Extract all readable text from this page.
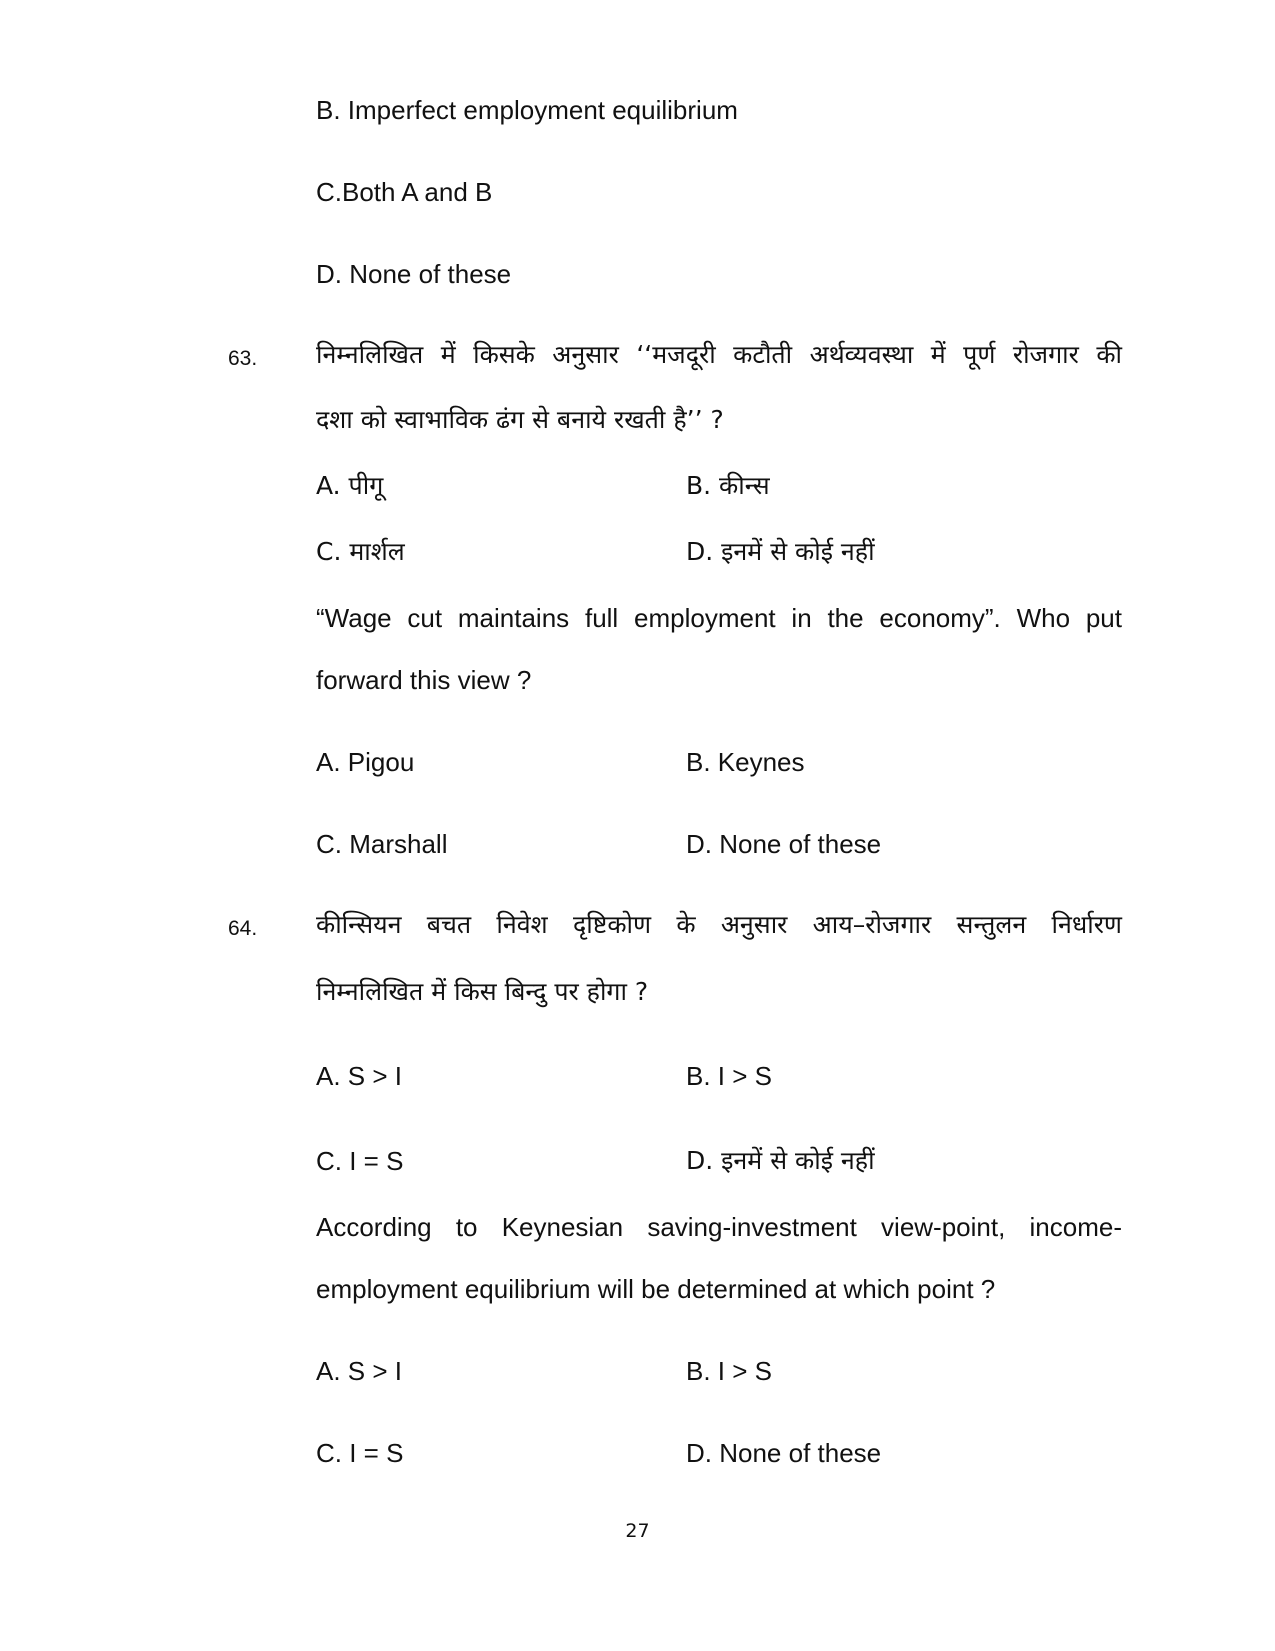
B. Imperfect employment equilibrium
C.Both A and B
D. None of these
63. निम्नलिखित में किसके अनुसार ‘‘मजदूरी कटौती अर्थव्यवस्था में पूर्ण रोजगार की
दशा को स्वाभाविक ढंग से बनाये रखती है’’ ?
A. पीगू	B. कीन्स
C. मार्शल	D. इनमें से कोई नहीं
“Wage cut maintains full employment in the economy”. Who put
forward this view ?
A. Pigou	B. Keynes
C. Marshall	D. None of these
64. कीन्सियन बचत निवेश दृष्टिकोण के अनुसार आय–रोजगार सन्तुलन निर्धारण
निम्नलिखित में किस बिन्दु पर होगा ?
A. S > I	B. I > S
C. I = S	D. इनमें से कोई नहीं
According to Keynesian saving-investment view-point, income-
employment equilibrium will be determined at which point ?
A. S > I	B. I > S
C. I = S	D. None of these
27
